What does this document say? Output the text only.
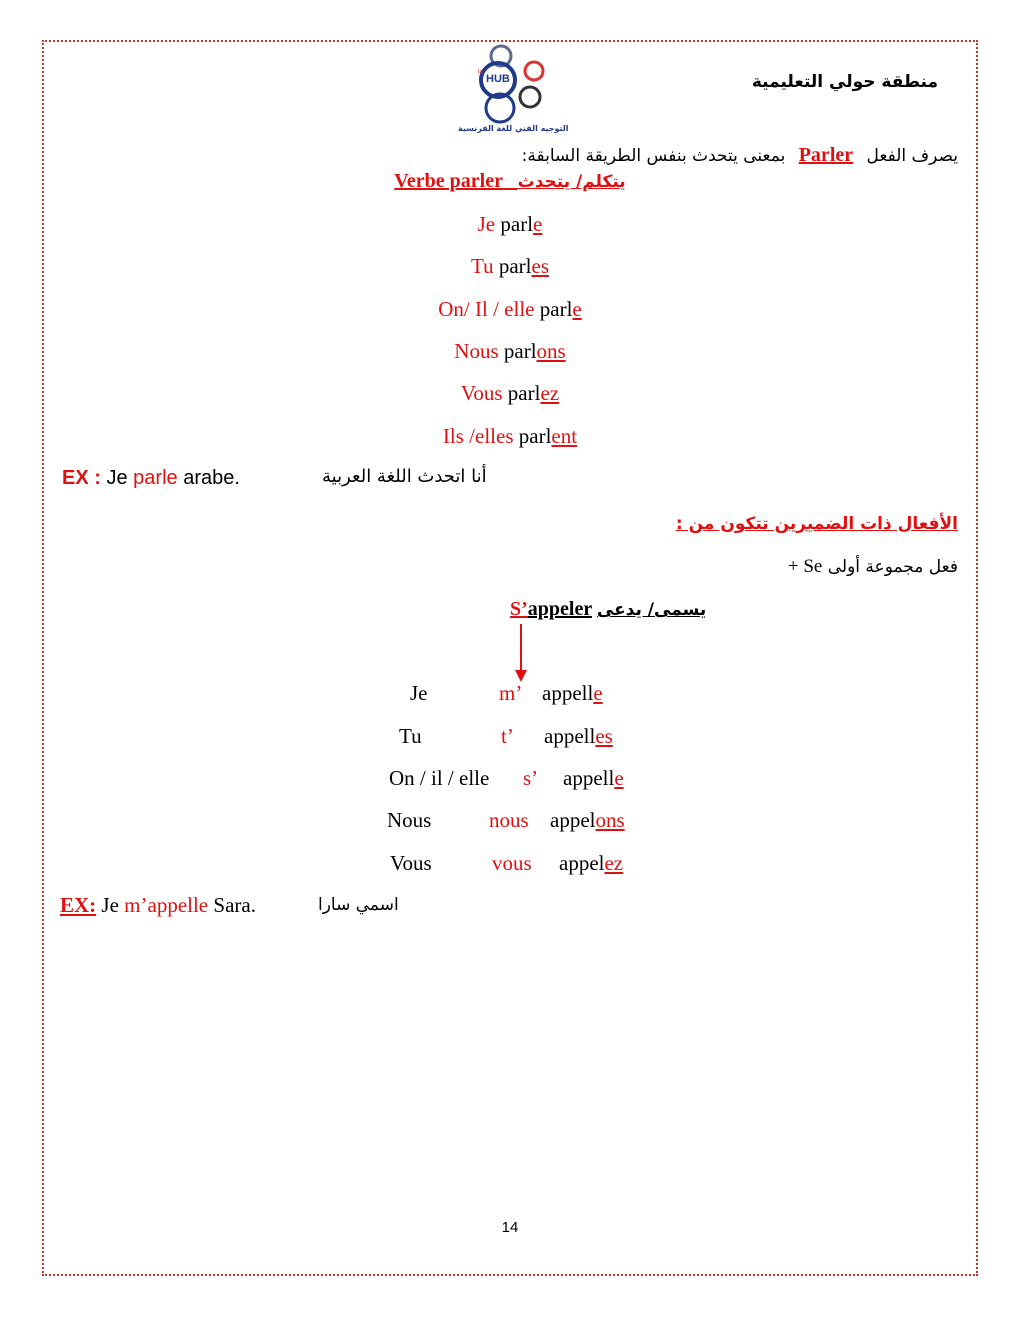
HUB
lc
التوجيه الفني للغة الفرنسية
منطقة حولي التعليمية
يصرف الفعل Parler بمعنى يتحدث بنفس الطريقة السابقة:
Verbe parler يتكلم/ يتحدث
Je parle
Tu parles
On/ Il / elle parle
Nous parlons
Vous parlez
Ils /elles parlent
EX : Je parle arabe.	أنا اتحدث اللغة العربية
الأفعال ذات الضميرين تتكون من :
فعل مجموعة أولى + Se
S’appeler يسمى/ يدعى
Je	m’ appelle
Tu	t’ appelles
On / il / elle s’ appelle
Nous	nous appelons
Vous	vous appelez
EX: Je m’appelle Sara.	اسمي سارا
14
